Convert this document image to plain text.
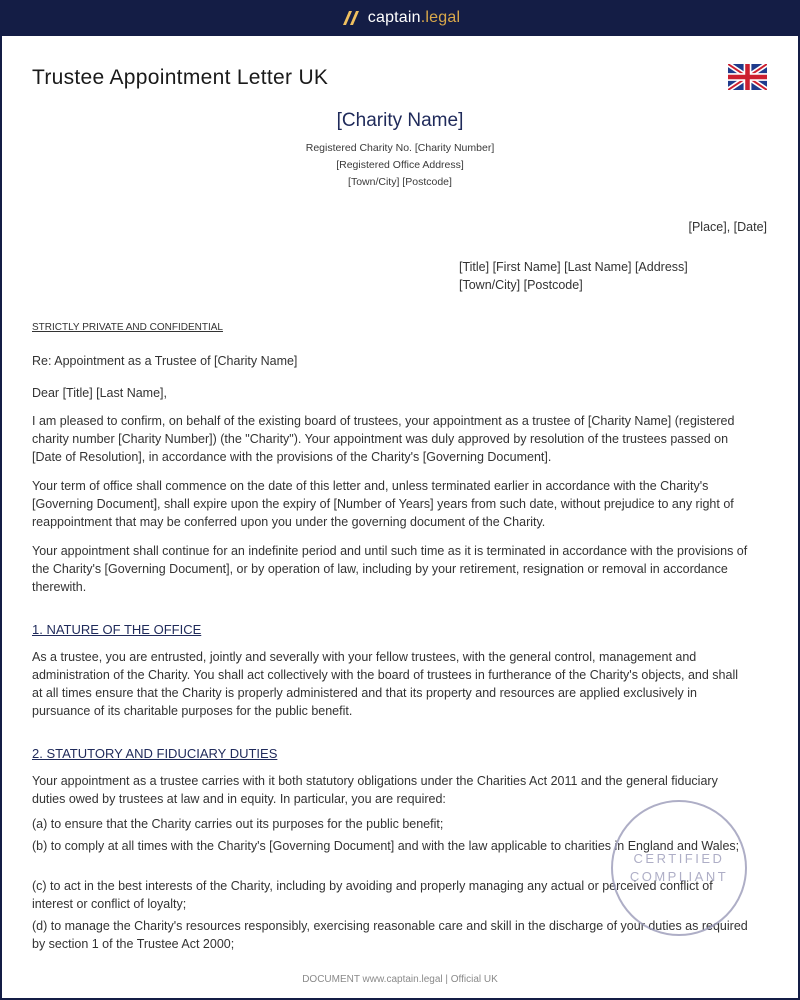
captain.legal
Trustee Appointment Letter UK
[Charity Name]
Registered Charity No. [Charity Number]
[Registered Office Address]
[Town/City] [Postcode]
[Place], [Date]
[Title] [First Name] [Last Name] [Address]
[Town/City] [Postcode]
STRICTLY PRIVATE AND CONFIDENTIAL
Re: Appointment as a Trustee of [Charity Name]
Dear [Title] [Last Name],
I am pleased to confirm, on behalf of the existing board of trustees, your appointment as a trustee of [Charity Name] (registered charity number [Charity Number]) (the "Charity"). Your appointment was duly approved by resolution of the trustees passed on [Date of Resolution], in accordance with the provisions of the Charity's [Governing Document].
Your term of office shall commence on the date of this letter and, unless terminated earlier in accordance with the Charity's [Governing Document], shall expire upon the expiry of [Number of Years] years from such date, without prejudice to any right of reappointment that may be conferred upon you under the governing document of the Charity.
Your appointment shall continue for an indefinite period and until such time as it is terminated in accordance with the provisions of the Charity's [Governing Document], or by operation of law, including by your retirement, resignation or removal in accordance therewith.
1. NATURE OF THE OFFICE
As a trustee, you are entrusted, jointly and severally with your fellow trustees, with the general control, management and administration of the Charity. You shall act collectively with the board of trustees in furtherance of the Charity's objects, and shall at all times ensure that the Charity is properly administered and that its property and resources are applied exclusively in pursuance of its charitable purposes for the public benefit.
2. STATUTORY AND FIDUCIARY DUTIES
Your appointment as a trustee carries with it both statutory obligations under the Charities Act 2011 and the general fiduciary duties owed by trustees at law and in equity. In particular, you are required:
(a) to ensure that the Charity carries out its purposes for the public benefit;
(b) to comply at all times with the Charity's [Governing Document] and with the law applicable to charities in England and Wales;
(c) to act in the best interests of the Charity, including by avoiding and properly managing any actual or perceived conflict of interest or conflict of loyalty;
(d) to manage the Charity's resources responsibly, exercising reasonable care and skill in the discharge of your duties as required by section 1 of the Trustee Act 2000;
CERTIFIED
COMPLIANT
DOCUMENT www.captain.legal | Official UK
